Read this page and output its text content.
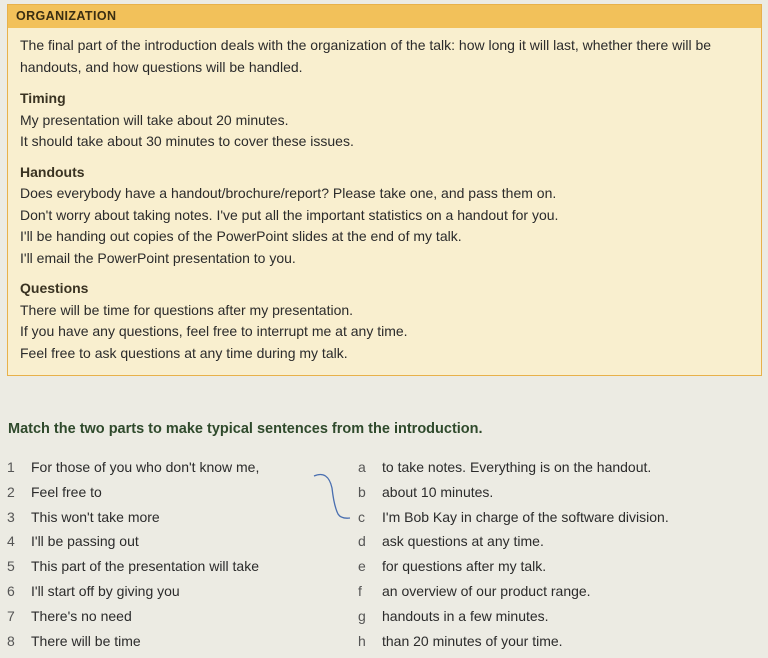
ORGANIZATION

The final part of the introduction deals with the organization of the talk: how long it will last, whether there will be handouts, and how questions will be handled.

Timing

My presentation will take about 20 minutes.

It should take about 30 minutes to cover these issues.

Handouts

Does everybody have a handout/brochure/report? Please take one, and pass them on.

Don't worry about taking notes. I've put all the important statistics on a handout for you.

I'll be handing out copies of the PowerPoint slides at the end of my talk.

I'll email the PowerPoint presentation to you.

Questions

There will be time for questions after my presentation.

If you have any questions, feel free to interrupt me at any time.

Feel free to ask questions at any time during my talk.

Match the two parts to make typical sentences from the introduction.
1	For those of you who don't know me,
2	Feel free to
3	This won't take more
4	I'll be passing out
5	This part of the presentation will take
6	I'll start off by giving you
7	There's no need
8	There will be time
a	to take notes. Everything is on the handout.
b	about 10 minutes.
c	I'm Bob Kay in charge of the software division.
d	ask questions at any time.
e	for questions after my talk.
f	an overview of our product range.
g	handouts in a few minutes.
h	than 20 minutes of your time.
